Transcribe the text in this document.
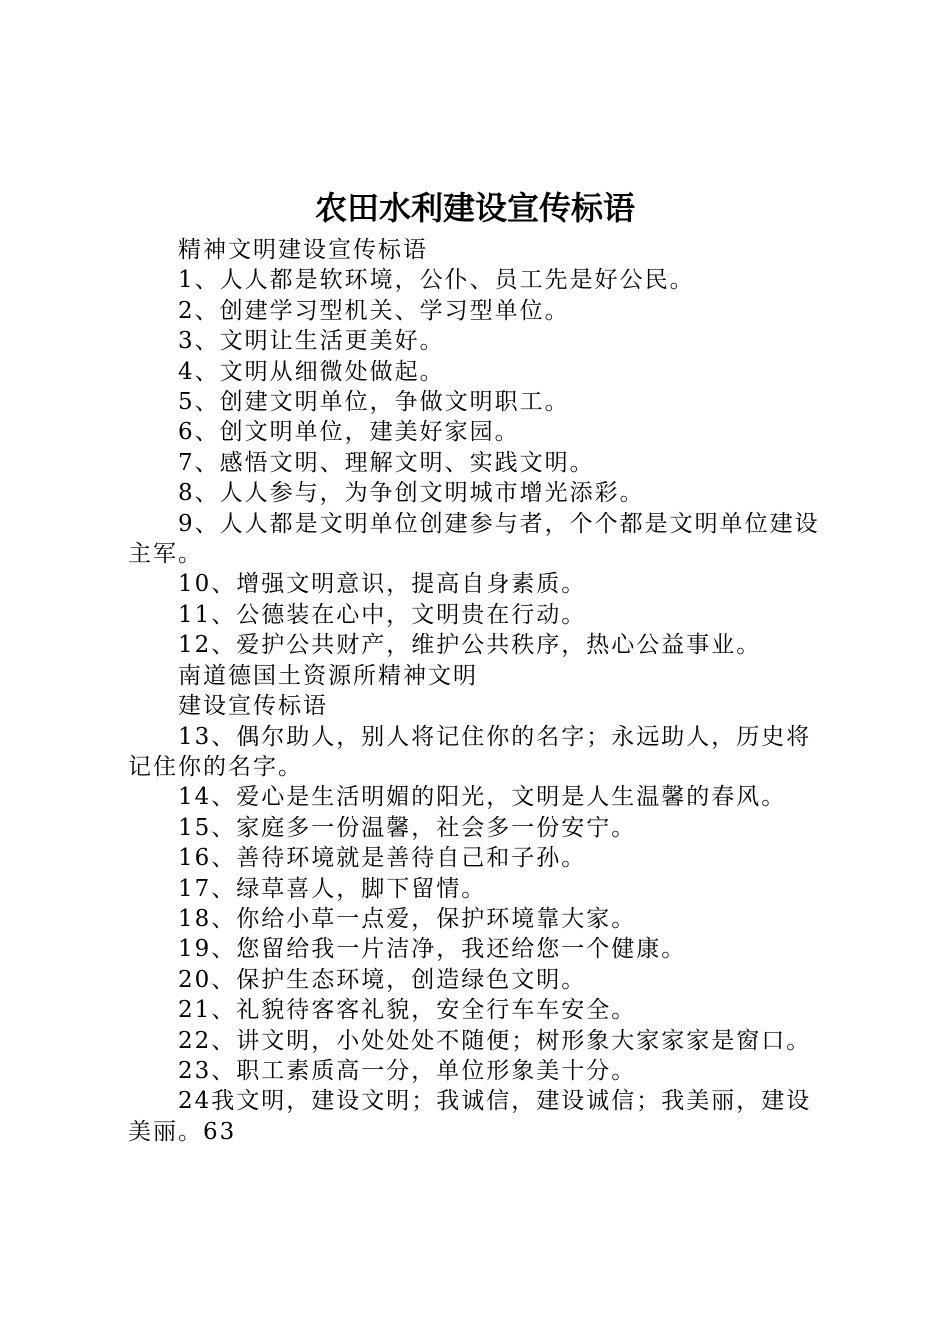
农田水利建设宣传标语

精神文明建设宣传标语

1、人人都是软环境，公仆、员工先是好公民。

2、创建学习型机关、学习型单位。

3、文明让生活更美好。

4、文明从细微处做起。

5、创建文明单位，争做文明职工。

6、创文明单位，建美好家园。

7、感悟文明、理解文明、实践文明。

8、人人参与，为争创文明城市增光添彩。

9、人人都是文明单位创建参与者，个个都是文明单位建设主军。

10、增强文明意识，提高自身素质。

11、公德装在心中，文明贵在行动。

12、爱护公共财产，维护公共秩序，热心公益事业。

南道德国土资源所精神文明

建设宣传标语

13、偶尔助人，别人将记住你的名字；永远助人，历史将记住你的名字。

14、爱心是生活明媚的阳光，文明是人生温馨的春风。

15、家庭多一份温馨，社会多一份安宁。

16、善待环境就是善待自己和子孙。

17、绿草喜人，脚下留情。

18、你给小草一点爱，保护环境靠大家。

19、您留给我一片洁净，我还给您一个健康。

20、保护生态环境，创造绿色文明。

21、礼貌待客客礼貌，安全行车车安全。

22、讲文明，小处处处不随便；树形象大家家家是窗口。

23、职工素质高一分，单位形象美十分。

24我文明，建设文明；我诚信，建设诚信；我美丽，建设美丽。63
